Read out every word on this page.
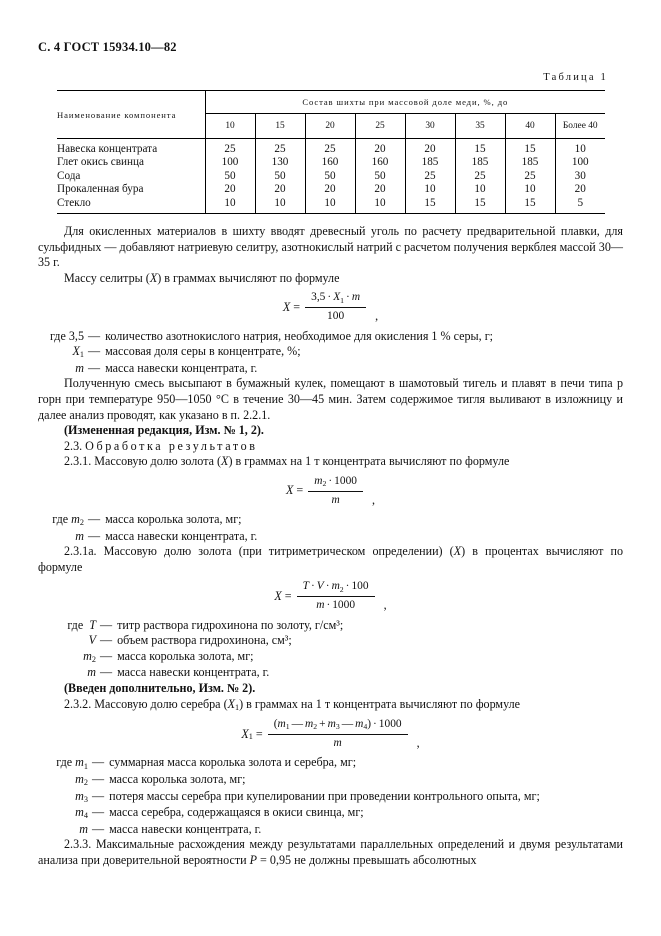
С. 4 ГОСТ 15934.10—82
Таблица 1
Наименование компонента	Состав шихты при массовой доле меди, %, до							
	10	15	20	25	30	35	40	Более 40
Навеска концентрата	25	25	25	20	20	15	15	10
Глет окись свинца	100	130	160	160	185	185	185	100
Сода	50	50	50	50	25	25	25	30
Прокаленная бура	20	20	20	20	10	10	10	20
Стекло	10	10	10	10	15	15	15	5

Для окисленных материалов в шихту вводят древесный уголь по расчету предварительной плавки, для сульфидных — добавляют натриевую селитру, азотнокислый натрий с расчетом получения веркблея массой 30—35 г.

Массу селитры (X) в граммах вычисляют по формуле

$X = \frac{3,5 \cdot X_1 \cdot m}{100}$ ,
где 3,5 — количество азотнокислого натрия, необходимое для окисления 1 % серы, г;
$X_1$ — массовая доля серы в концентрате, %;
m — масса навески концентрата, г.

Полученную смесь высыпают в бумажный кулек, помещают в шамотовый тигель и плавят в печи типа р горн при температуре 950—1050 °С в течение 30—45 мин. Затем содержимое тигля выливают в изложницу и далее анализ проводят, как указано в п. 2.2.1.

(Измененная редакция, Изм. № 1, 2).

2.3. Обработка результатов

2.3.1. Массовую долю золота (X) в граммах на 1 т концентрата вычисляют по формуле

$X = \frac{m_2 \cdot 1000}{m}$ ,
где $m_2$ — масса королька золота, мг;
m — масса навески концентрата, г.

2.3.1а. Массовую долю золота (при титриметрическом определении) (X) в процентах вычисляют по формуле

$X = \frac{T \cdot V \cdot m_2 \cdot 100}{m \cdot 1000}$ ,
где T — титр раствора гидрохинона по золоту, г/см³;
V — объем раствора гидрохинона, см³;
$m_2$ — масса королька золота, мг;
m — масса навески концентрата, г.

(Введен дополнительно, Изм. № 2).

2.3.2. Массовую долю серебра $(X_1)$ в граммах на 1 т концентрата вычисляют по формуле

$X_1 = \frac{(m_1 — m_2 + m_3 — m_4) \cdot 1000}{m}$ ,
где $m_1$ — суммарная масса королька золота и серебра, мг;
$m_2$ — масса королька золота, мг;
$m_3$ — потеря массы серебра при купелировании при проведении контрольного опыта, мг;
$m_4$ — масса серебра, содержащаяся в окиси свинца, мг;
m — масса навески концентрата, г.

2.3.3. Максимальные расхождения между результатами параллельных определений и двумя результатами анализа при доверительной вероятности P = 0,95 не должны превышать абсолютных
